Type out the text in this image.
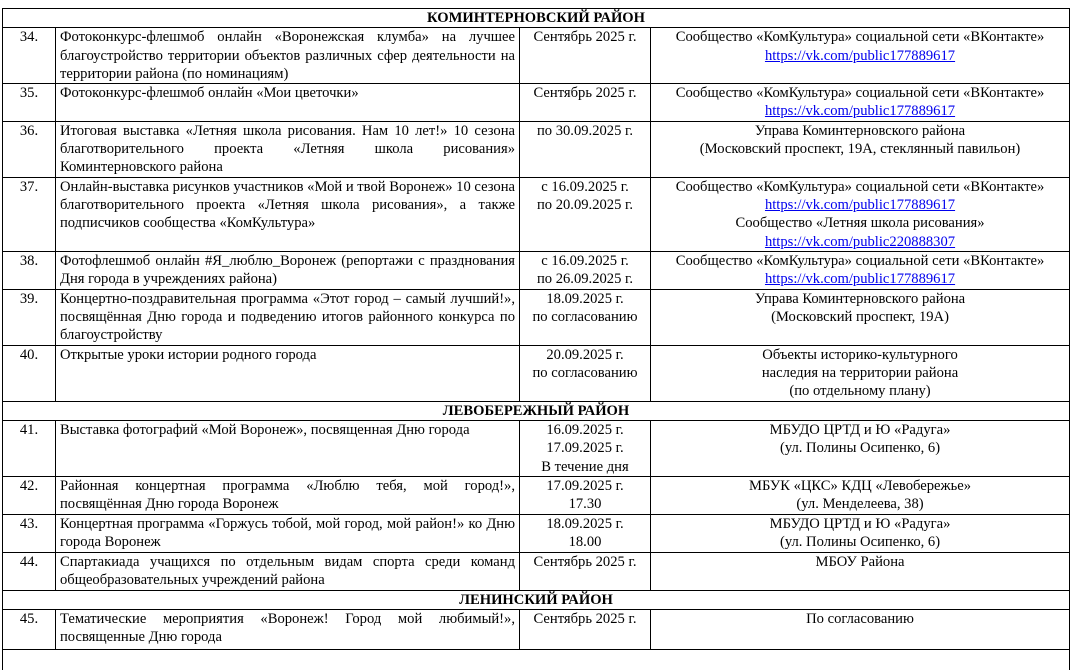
КОМИНТЕРНОВСКИЙ РАЙОН			
34.	Фотоконкурс-флешмоб онлайн «Воронежская клумба» на лучшее благоустройство территории объектов различных сфер деятельности на территории района (по номинациям)	Сентябрь 2025 г.	Сообщество «КомКультура» социальной сети «ВКонтакте»
https://vk.com/public177889617
35.	Фотоконкурс-флешмоб онлайн «Мои цветочки»	Сентябрь 2025 г.	Сообщество «КомКультура» социальной сети «ВКонтакте»
https://vk.com/public177889617
36.	Итоговая выставка «Летняя школа рисования. Нам 10 лет!» 10 сезона благотворительного проекта «Летняя школа рисования» Коминтерновского района	по 30.09.2025 г.	Управа Коминтерновского района
(Московский проспект, 19А, стеклянный павильон)

37.	Онлайн-выставка рисунков участников «Мой и твой Воронеж» 10 сезона благотворительного проекта «Летняя школа рисования», а также подписчиков сообщества «КомКультура»	с 16.09.2025 г.
по 20.09.2025 г.	Сообщество «КомКультура» социальной сети «ВКонтакте»
https://vk.com/public177889617
Сообщество «Летняя школа рисования»
https://vk.com/public220888307
38.	Фотофлешмоб онлайн #Я_люблю_Воронеж (репортажи с празднования Дня города в учреждениях района)	с 16.09.2025 г.
по 26.09.2025 г.	Сообщество «КомКультура» социальной сети «ВКонтакте»
https://vk.com/public177889617
39.	Концертно-поздравительная программа «Этот город – самый лучший!», посвящённая Дню города и подведению итогов районного конкурса по благоустройству	18.09.2025 г.
по согласованию	Управа Коминтерновского района
(Московский проспект, 19А)

40.	Открытые уроки истории родного города	20.09.2025 г.
по согласованию	Объекты историко-культурного
наследия на территории района
(по отдельному плану)

ЛЕВОБЕРЕЖНЫЙ РАЙОН			
41.	Выставка фотографий «Мой Воронеж», посвященная Дню города	16.09.2025 г.
17.09.2025 г.
В течение дня	МБУДО ЦРТД и Ю «Радуга»
(ул. Полины Осипенко, 6)

42.	Районная концертная программа «Люблю тебя, мой город!», посвящённая Дню города Воронеж	17.09.2025 г.
17.30	МБУК «ЦКС» КДЦ «Левобережье»
(ул. Менделеева, 38)

43.	Концертная программа «Горжусь тобой, мой город, мой район!» ко Дню города Воронеж	18.09.2025 г.
18.00	МБУДО ЦРТД и Ю «Радуга»
(ул. Полины Осипенко, 6)

44.	Спартакиада учащихся по отдельным видам спорта среди команд общеобразовательных учреждений района	Сентябрь 2025 г.	МБОУ Района

ЛЕНИНСКИЙ РАЙОН			
45.	Тематические мероприятия «Воронеж! Город мой любимый!», посвященные Дню города	Сентябрь 2025 г.	По согласованию
